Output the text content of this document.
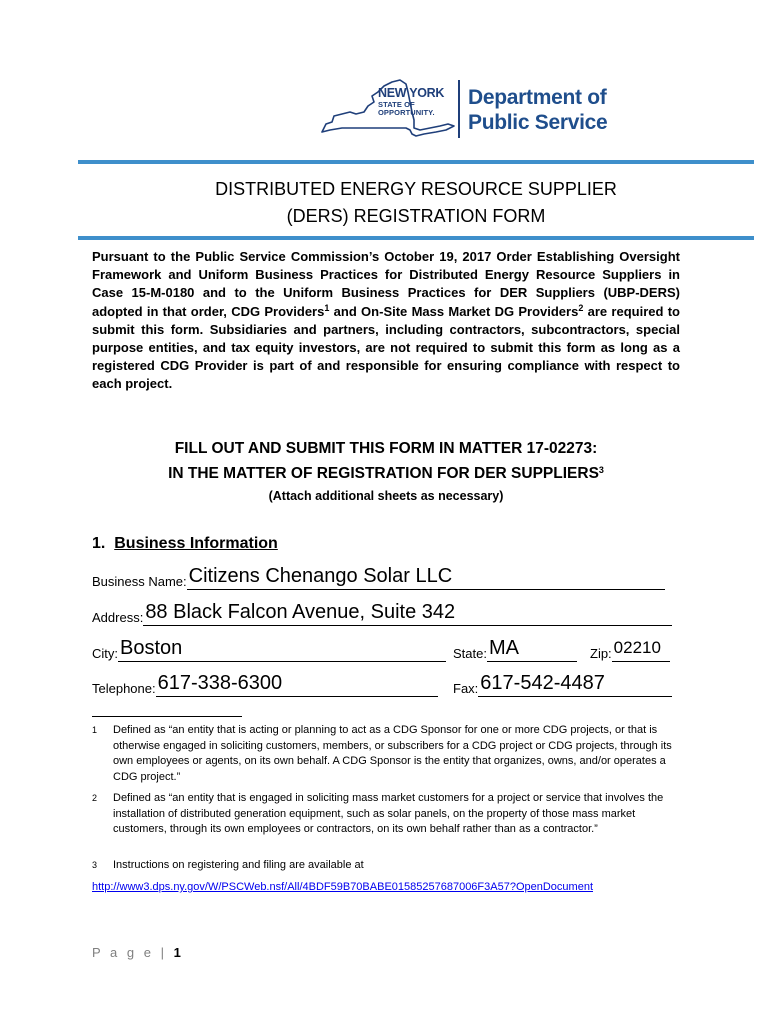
NEW YORK
STATE OF
OPPORTUNITY.
Department of
Public Service
DISTRIBUTED ENERGY RESOURCE SUPPLIER
(DERS) REGISTRATION FORM
Pursuant to the Public Service Commission’s October 19, 2017 Order Establishing Oversight Framework and Uniform Business Practices for Distributed Energy Resource Suppliers in Case 15-M-0180 and to the Uniform Business Practices for DER Suppliers (UBP-DERS) adopted in that order, CDG Providers$^1$ and On-Site Mass Market DG Providers$^2$ are required to submit this form. Subsidiaries and partners, including contractors, subcontractors, special purpose entities, and tax equity investors, are not required to submit this form as long as a registered CDG Provider is part of and responsible for ensuring compliance with respect to each project.
FILL OUT AND SUBMIT THIS FORM IN MATTER 17-02273:
IN THE MATTER OF REGISTRATION FOR DER SUPPLIERS$^3$
(Attach additional sheets as necessary)
1. Business Information
Business Name: Citizens Chenango Solar LLC
Address: 88 Black Falcon Avenue, Suite 342
City: Boston	State: MA	Zip: 02210
Telephone: 617-338-6300	Fax: 617-542-4487
1 Defined as “an entity that is acting or planning to act as a CDG Sponsor for one or more CDG projects, or that is otherwise engaged in soliciting customers, members, or subscribers for a CDG project or CDG projects, through its own employees or agents, on its own behalf. A CDG Sponsor is the entity that organizes, owns, and/or operates a CDG project.”
2 Defined as “an entity that is engaged in soliciting mass market customers for a project or service that involves the installation of distributed generation equipment, such as solar panels, on the property of those mass market customers, through its own employees or contractors, on its own behalf rather than as a contractor.”
3 Instructions on registering and filing are available at
http://www3.dps.ny.gov/W/PSCWeb.nsf/All/4BDF59B70BABE01585257687006F3A57?OpenDocument
P a g e | 1
